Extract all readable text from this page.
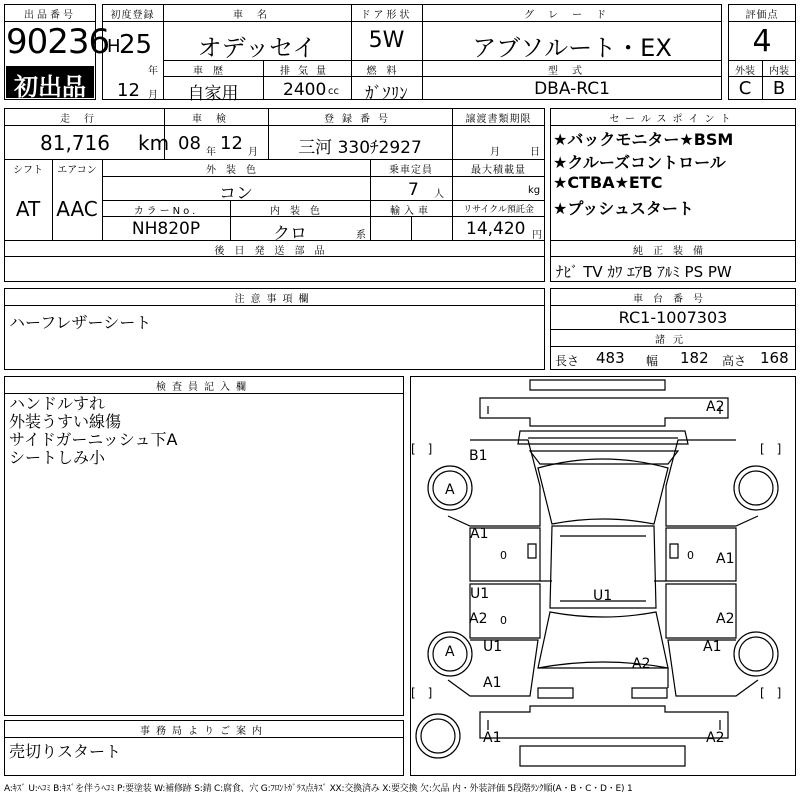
出品番号
90236
初出品
初度登録
H
25
年
12 月
車名
オデッセイ
ドア形状
5W
グレード
アブソルート・EX
車歴
自家用
排気量
2400 cc
燃料
ｶﾞｿﾘﾝ
型式
DBA-RC1
評価点
4
外装	内装
C	B
走行
81,716 km
車検
08 年 12 月
登録番号
三河 330ﾁ2927
譲渡書類期限
月	日
シフト
AT
エアコン
AAC
外装色
コン
乗車定員
7 人
最大積載量
kg
カラーNo.
NH820P
内装色
クロ	系
輸入車	リサイクル預託金
14,420 円
後日発送部品
セールスポイント
★バックモニター★BSM
★クルーズコントロール
★CTBA★ETC
★プッシュスタート
純正装備
ﾅﾋﾞ TV ｶﾜ ｴｱB ｱﾙﾐ PS PW
注意事項欄
ハーフレザーシート
車台番号
RC1-1007303
諸元
長さ 483 幅 182 高さ 168
検査員記入欄
ハンドルすれ
外装うすい線傷
サイドガーニッシュ下A
シートしみ小
事務局よりご案内
売切りスタート
[　]	[　]
[　]	[　]
A2
B1
A
A1
0	0 A1
U1	U1
A2 0	A2
A U1	A1
A2
A1
A1	A2
A:ｷｽﾞ U:ﾍｺﾐ B:ｷｽﾞを伴うﾍｺﾐ P:要塗装 W:補修跡 S:錆 C:腐食、穴 G:ﾌﾛﾝﾄｶﾞﾗｽ点ｷｽﾞ XX:交換済み X:要交換 欠:欠品 内・外装評価 5段階ﾗﾝｸ順(A・B・C・D・E) 1
